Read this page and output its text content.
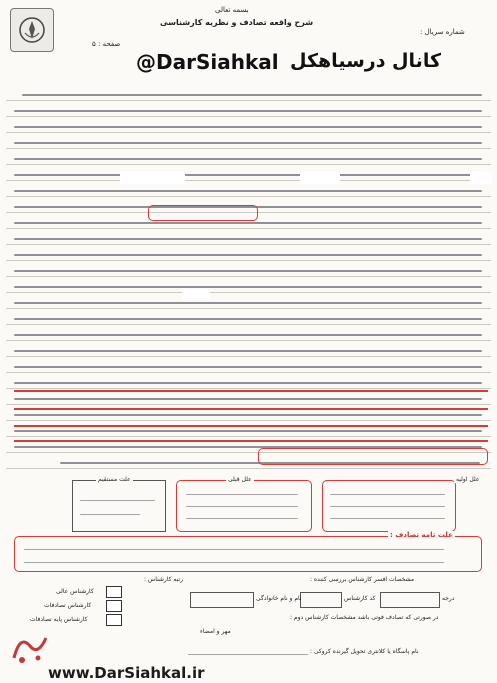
بسمه تعالی
شرح واقعه تصادف و نظریه کارشناسی
شماره سریال :
صفحه : ۵
@DarSiahkal کانال درسیاهکل
علت مستقیم	علل قبلی	علل اولیه
علت تامه تصادف :
رتبه کارشناس :	مشخصات افسر کارشناس بررسی کننده :
کارشناس عالی
کارشناس تصادفات
کارشناس پایه تصادفات
درجه
کد کارشناس
نام و نام خانوادگی
در صورتی که تصادف فوتی باشد مشخصات کارشناس دوم :
مهر و امضاء
نام پاسگاه یا کلانتری تحویل گیرنده کروکی :
www.DarSiahkal.ir
